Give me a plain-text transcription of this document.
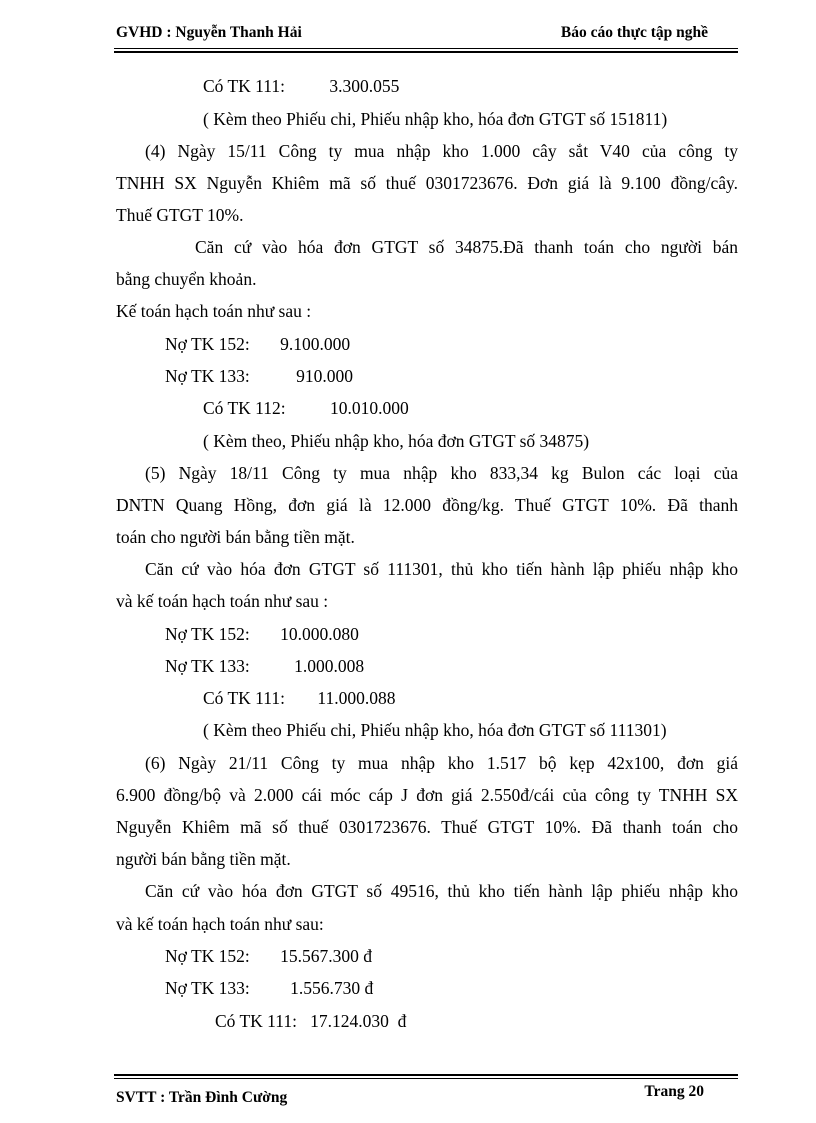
GVHD : Nguyễn Thanh Hải	Báo cáo thực tập nghề
Có TK 111:	3.300.055
( Kèm theo Phiếu chi, Phiếu nhập kho, hóa đơn GTGT số 151811)
(4) Ngày 15/11 Công ty mua nhập kho 1.000 cây sắt V40 của công ty
TNHH SX Nguyễn Khiêm mã số thuế 0301723676. Đơn giá là 9.100 đồng/cây.
Thuế GTGT 10%.
Căn cứ vào hóa đơn GTGT số 34875.Đã thanh toán cho người bán
bằng chuyển khoản.
Kế toán hạch toán như sau :
Nợ TK 152: 9.100.000
Nợ TK 133:	910.000
Có TK 112:	10.010.000
( Kèm theo, Phiếu nhập kho, hóa đơn GTGT số 34875)
(5) Ngày 18/11 Công ty mua nhập kho 833,34 kg Bulon các loại của
DNTN Quang Hồng, đơn giá là 12.000 đồng/kg. Thuế GTGT 10%. Đã thanh
toán cho người bán bằng tiền mặt.
Căn cứ vào hóa đơn GTGT số 111301, thủ kho tiến hành lập phiếu nhập kho
và kế toán hạch toán như sau :
Nợ TK 152: 10.000.080
Nợ TK 133:	1.000.008
Có TK 111: 11.000.088
( Kèm theo Phiếu chi, Phiếu nhập kho, hóa đơn GTGT số 111301)
(6) Ngày 21/11 Công ty mua nhập kho 1.517 bộ kẹp 42x100, đơn giá
6.900 đồng/bộ và 2.000 cái móc cáp J đơn giá 2.550đ/cái của công ty TNHH SX
Nguyễn Khiêm mã số thuế 0301723676. Thuế GTGT 10%. Đã thanh toán cho
người bán bằng tiền mặt.
Căn cứ vào hóa đơn GTGT số 49516, thủ kho tiến hành lập phiếu nhập kho
và kế toán hạch toán như sau:
Nợ TK 152: 15.567.300 đ
Nợ TK 133: 1.556.730 đ
Có TK 111:   17.124.030  đ
SVTT : Trần Đình Cường	Trang 20
